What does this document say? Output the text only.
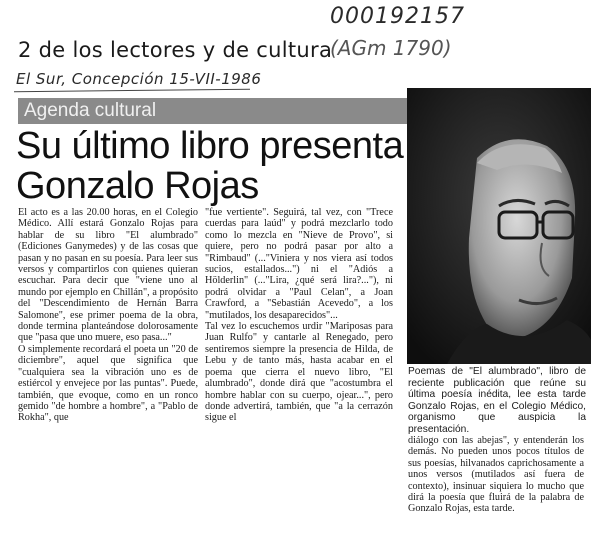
000192157
(AGm 1790)
2 de los lectores y de cultura
El Sur, Concepción 15-VII-1986
Agenda cultural
Su último libro presenta
Gonzalo Rojas
El acto es a las 20.00 horas, en el Colegio Médico. Allí estará Gonzalo Rojas para hablar de su libro "El alumbrado" (Ediciones Ganymedes) y de las cosas que pasan y no pasan en su poesía. Para leer sus versos y compartirlos con quienes quieran escuchar. Para decir que "viene uno al mundo por ejemplo en Chillán", a propósito del "Descendimiento de Hernán Barra Salomone", ese primer poema de la obra, donde termina planteándose dolorosamente que "pasa que uno muere, eso pasa..."
O simplemente recordará el poeta un "20 de diciembre", aquel que significa que "cualquiera sea la vibración uno es de estiércol y envejece por las puntas". Puede, también, que evoque, como en un ronco gemido "de hombre a hombre", a "Pablo de Rokha", que
"fue vertiente". Seguirá, tal vez, con "Trece cuerdas para laúd" y podrá mezclarlo todo como lo mezcla en "Nieve de Provo", si quiere, pero no podrá pasar por alto a "Rimbaud" (..."Viniera y nos viera así todos sucios, estallados...") ni el "Adiós a Hölderlin" (..."Lira, ¿qué será lira?..."), ni podrá olvidar a "Paul Celan", a Joan Crawford, a "Sebastián Acevedo", a los "mutilados, los desaparecidos"...
Tal vez lo escuchemos urdir "Mariposas para Juan Rulfo" y cantarle al Renegado, pero sentiremos siempre la presencia de Hilda, de Lebu y de tanto más, hasta acabar en el poema que cierra el nuevo libro, "El alumbrado", donde dirá que "acostumbra el hombre hablar con su cuerpo, ojear...", pero donde advertirá, también, que "a la cerrazón sigue el
Poemas de "El alumbrado", libro de reciente publicación que reúne su última poesía inédita, lee esta tarde Gonzalo Rojas, en el Colegio Médico, organismo que auspicia la presentación.
diálogo con las abejas", y entenderán los demás. No pueden unos pocos títulos de sus poesías, hilvanados caprichosamente a unos versos (mutilados así fuera de contexto), insinuar siquiera lo mucho que dirá la poesía que fluirá de la palabra de Gonzalo Rojas, esta tarde.
